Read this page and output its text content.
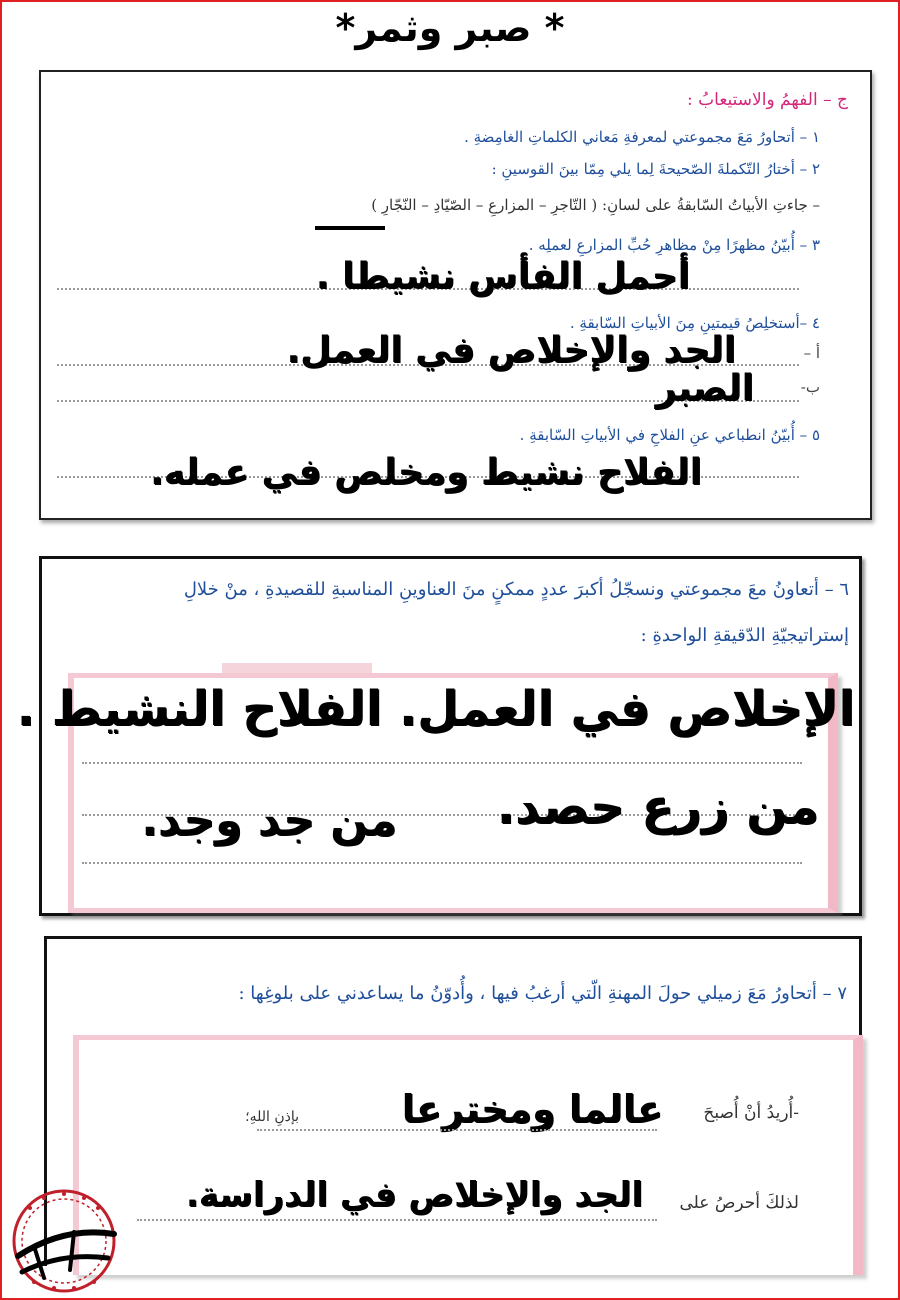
* صبر وثمر*
ج – الفهمُ والاستيعابُ :
١ – أتحاورُ مَعَ مجموعتي لمعرفةِ مَعاني الكلماتِ الغامِضةِ .
٢ – أختارُ التّكملةَ الصّحيحةَ لِما يلي مِمّا بينَ القوسينِ :
– جاءتِ الأبياتُ السّابقةُ على لسانِ: ( التّاجرِ – المزارعِ – الصّيّادِ – النّجّارِ )
٣ – أُبيّنُ مظهرًا مِنْ مظاهرِ حُبِّ المزارعِ لعملِه .
أحمل الفأس نشيطا .
٤ –أستخلِصُ قيمتينِ مِنَ الأبياتِ السّابقةِ .
أ –
الجد والإخلاص في العمل.
ب-
الصبر
٥ – أُبيّنُ انطباعي عنِ الفلاحِ في الأبياتِ السّابقةِ .
الفلاح نشيط ومخلص في عمله.
٦ – أتعاونُ معَ مجموعتي ونسجّلُ أكبرَ عددٍ ممكنٍ منَ العناوينِ المناسبةِ للقصيدةِ ، منْ خلالِ
إستراتيجيّةِ الدّقيقةِ الواحدةِ :
الإخلاص في العمل. الفلاح النشيط .
من زرع حصد.
من جد وجد.
٧ – أتحاورُ مَعَ زميلي حولَ المهنةِ الّتي أرغبُ فيها ، وأُدوّنُ ما يساعدني على بلوغِها :
-أُريدُ أنْ أُصبحَ
عالما ومخترعا
بإذنِ اللهِ؛
لذلكَ أحرصُ على
الجد والإخلاص في الدراسة.
